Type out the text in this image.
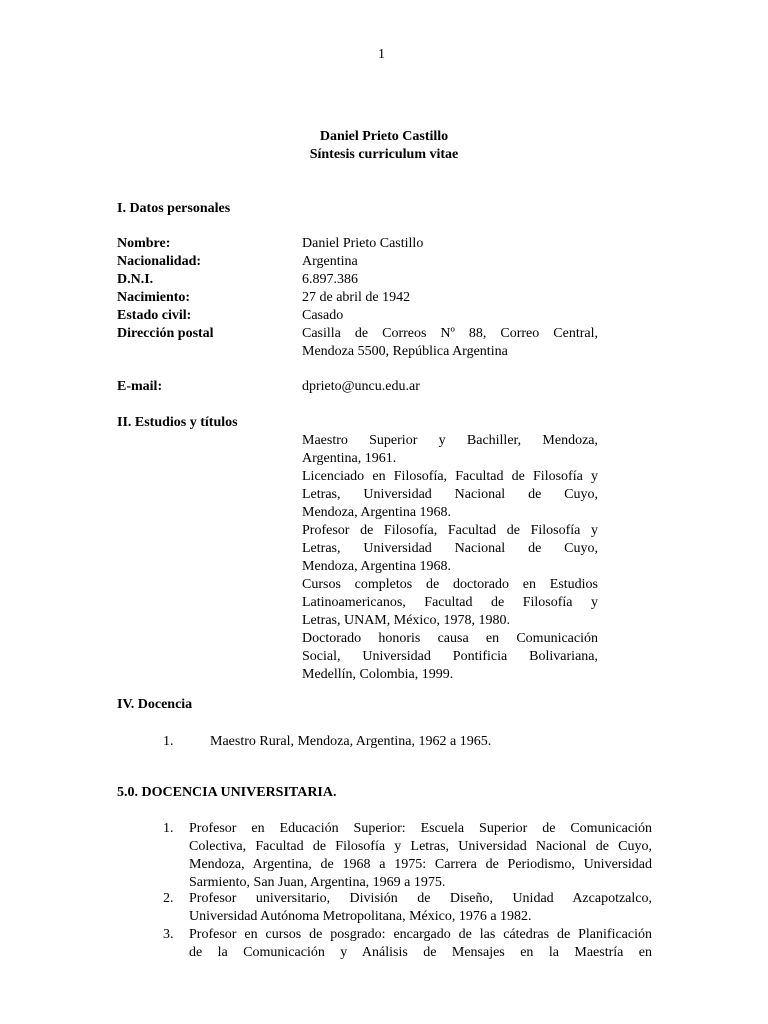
1
Daniel Prieto Castillo
Síntesis curriculum vitae
I. Datos personales
Nombre:	Daniel Prieto Castillo
Nacionalidad:	Argentina
D.N.I.	6.897.386
Nacimiento:	27 de abril de 1942
Estado civil:	Casado
Dirección postal	Casilla de Correos Nº 88, Correo Central,
Mendoza 5500, República Argentina
E-mail:	dprieto@uncu.edu.ar
II. Estudios y títulos
Maestro Superior y Bachiller, Mendoza,
Argentina, 1961.
Licenciado en Filosofía, Facultad de Filosofía y
Letras, Universidad Nacional de Cuyo,
Mendoza, Argentina 1968.
Profesor de Filosofía, Facultad de Filosofía y
Letras, Universidad Nacional de Cuyo,
Mendoza, Argentina 1968.
Cursos completos de doctorado en Estudios
Latinoamericanos, Facultad de Filosofía y
Letras, UNAM, México, 1978, 1980.
Doctorado honoris causa en Comunicación
Social, Universidad Pontificia Bolivariana,
Medellín, Colombia, 1999.
IV. Docencia
1.	Maestro Rural, Mendoza, Argentina, 1962 a 1965.
5.0. DOCENCIA UNIVERSITARIA.
1. Profesor en Educación Superior: Escuela Superior de Comunicación
Colectiva, Facultad de Filosofía y Letras, Universidad Nacional de Cuyo,
Mendoza, Argentina, de 1968 a 1975: Carrera de Periodismo, Universidad
Sarmiento, San Juan, Argentina, 1969 a 1975.
2. Profesor universitario, División de Diseño, Unidad Azcapotzalco,
Universidad Autónoma Metropolitana, México, 1976 a 1982.
3. Profesor en cursos de posgrado: encargado de las cátedras de Planificación
de la Comunicación y Análisis de Mensajes en la Maestría en
